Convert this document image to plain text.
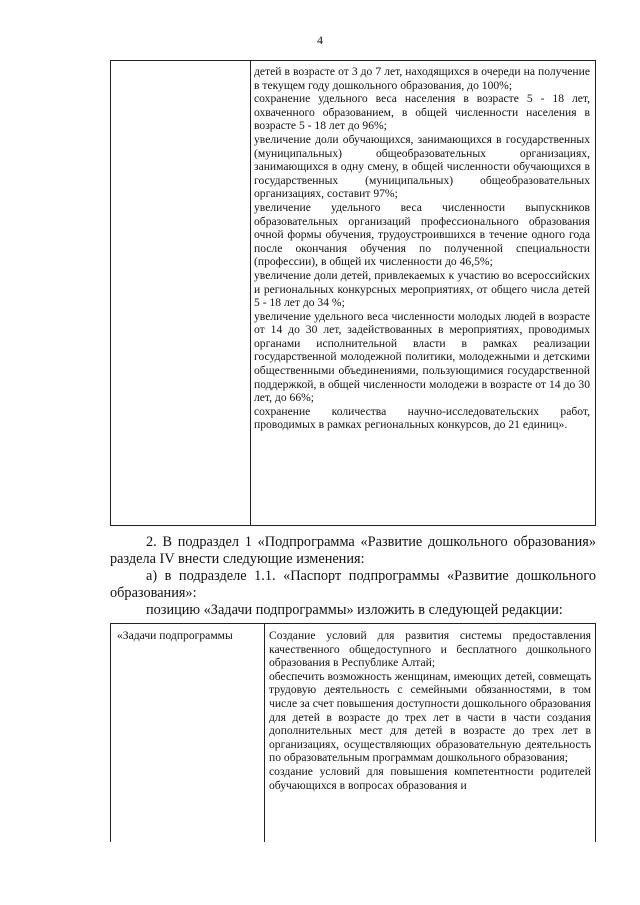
4

детей в возрасте от 3 до 7 лет, находящихся в очереди на получение в текущем году дошкольного образования, до 100%;

сохранение удельного веса населения в возрасте 5 - 18 лет, охваченного образованием, в общей численности населения в возрасте 5 - 18 лет до 96%;

увеличение доли обучающихся, занимающихся в государственных (муниципальных) общеобразовательных организациях, занимающихся в одну смену, в общей численности обучающихся в государственных (муниципальных) общеобразовательных организациях, составит 97%;

увеличение удельного веса численности выпускников образовательных организаций профессионального образования очной формы обучения, трудоустроившихся в течение одного года после окончания обучения по полученной специальности (профессии), в общей их численности до 46,5%;

увеличение доли детей, привлекаемых к участию во всероссийских и региональных конкурсных мероприятиях, от общего числа детей 5 - 18 лет до 34 %;

увеличение удельного веса численности молодых людей в возрасте от 14 до 30 лет, задействованных в мероприятиях, проводимых органами исполнительной власти в рамках реализации государственной молодежной политики, молодежными и детскими общественными объединениями, пользующимися государственной поддержкой, в общей численности молодежи в возрасте от 14 до 30 лет, до 66%;

сохранение количества научно-исследовательских работ, проводимых в рамках региональных конкурсов, до 21 единиц».

2. В подраздел 1 «Подпрограмма «Развитие дошкольного образования» раздела IV внести следующие изменения:

а) в подразделе 1.1. «Паспорт подпрограммы «Развитие дошкольного образования»:

позицию «Задачи подпрограммы» изложить в следующей редакции:

«Задачи подпрограммы	Создание условий для развития системы предоставления качественного общедоступного и бесплатного дошкольного образования в Республике Алтай;

обеспечить возможность женщинам, имеющих детей, совмещать трудовую деятельность с семейными обязанностями, в том числе за счет повышения доступности дошкольного образования для детей в возрасте до трех лет в части в части создания дополнительных мест для детей в возрасте до трех лет в организациях, осуществляющих образовательную деятельность по образовательным программам дошкольного образования;

создание условий для повышения компетентности родителей обучающихся в вопросах образования и
